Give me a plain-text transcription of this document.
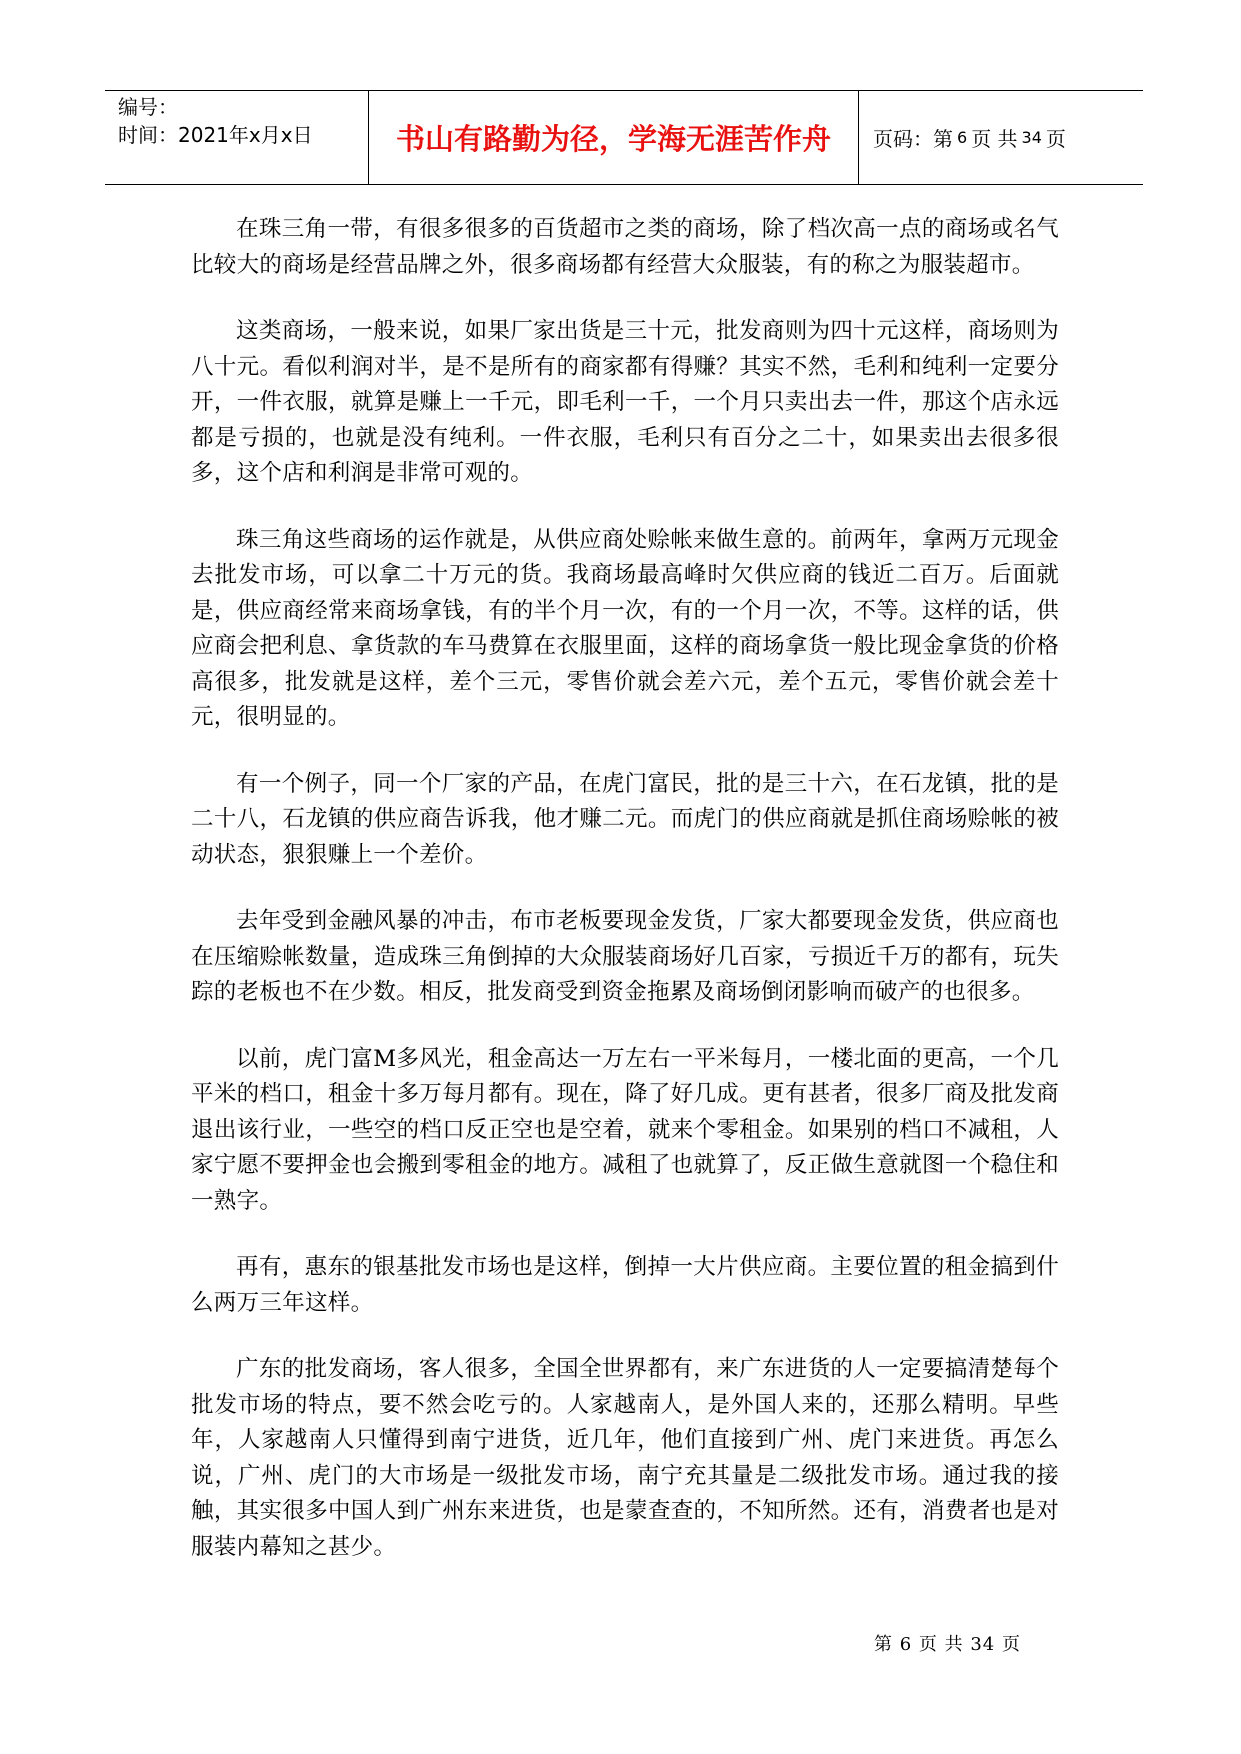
编号：
时间：2021年x月x日	书山有路勤为径，学海无涯苦作舟 页码：第 6 页 共 34 页

在珠三角一带，有很多很多的百货超市之类的商场，除了档次高一点的商场或名气比较大的商场是经营品牌之外，很多商场都有经营大众服装，有的称之为服装超市。

这类商场，一般来说，如果厂家出货是三十元，批发商则为四十元这样，商场则为八十元。看似利润对半，是不是所有的商家都有得赚？其实不然，毛利和纯利一定要分开，一件衣服，就算是赚上一千元，即毛利一千，一个月只卖出去一件，那这个店永远都是亏损的，也就是没有纯利。一件衣服，毛利只有百分之二十，如果卖出去很多很多，这个店和利润是非常可观的。

珠三角这些商场的运作就是，从供应商处赊帐来做生意的。前两年，拿两万元现金去批发市场，可以拿二十万元的货。我商场最高峰时欠供应商的钱近二百万。后面就是，供应商经常来商场拿钱，有的半个月一次，有的一个月一次，不等。这样的话，供应商会把利息、拿货款的车马费算在衣服里面，这样的商场拿货一般比现金拿货的价格高很多，批发就是这样，差个三元，零售价就会差六元，差个五元，零售价就会差十元，很明显的。

有一个例子，同一个厂家的产品，在虎门富民，批的是三十六，在石龙镇，批的是二十八，石龙镇的供应商告诉我，他才赚二元。而虎门的供应商就是抓住商场赊帐的被动状态，狠狠赚上一个差价。

去年受到金融风暴的冲击，布市老板要现金发货，厂家大都要现金发货，供应商也在压缩赊帐数量，造成珠三角倒掉的大众服装商场好几百家，亏损近千万的都有，玩失踪的老板也不在少数。相反，批发商受到资金拖累及商场倒闭影响而破产的也很多。

以前，虎门富M多风光，租金高达一万左右一平米每月，一楼北面的更高，一个几平米的档口，租金十多万每月都有。现在，降了好几成。更有甚者，很多厂商及批发商退出该行业，一些空的档口反正空也是空着，就来个零租金。如果别的档口不减租，人家宁愿不要押金也会搬到零租金的地方。减租了也就算了，反正做生意就图一个稳住和一熟字。

再有，惠东的银基批发市场也是这样，倒掉一大片供应商。主要位置的租金搞到什么两万三年这样。

广东的批发商场，客人很多，全国全世界都有，来广东进货的人一定要搞清楚每个批发市场的特点，要不然会吃亏的。人家越南人，是外国人来的，还那么精明。早些年，人家越南人只懂得到南宁进货，近几年，他们直接到广州、虎门来进货。再怎么说，广州、虎门的大市场是一级批发市场，南宁充其量是二级批发市场。通过我的接触，其实很多中国人到广州东来进货，也是蒙查查的，不知所然。还有，消费者也是对服装内幕知之甚少。

第 6 页 共 34 页
